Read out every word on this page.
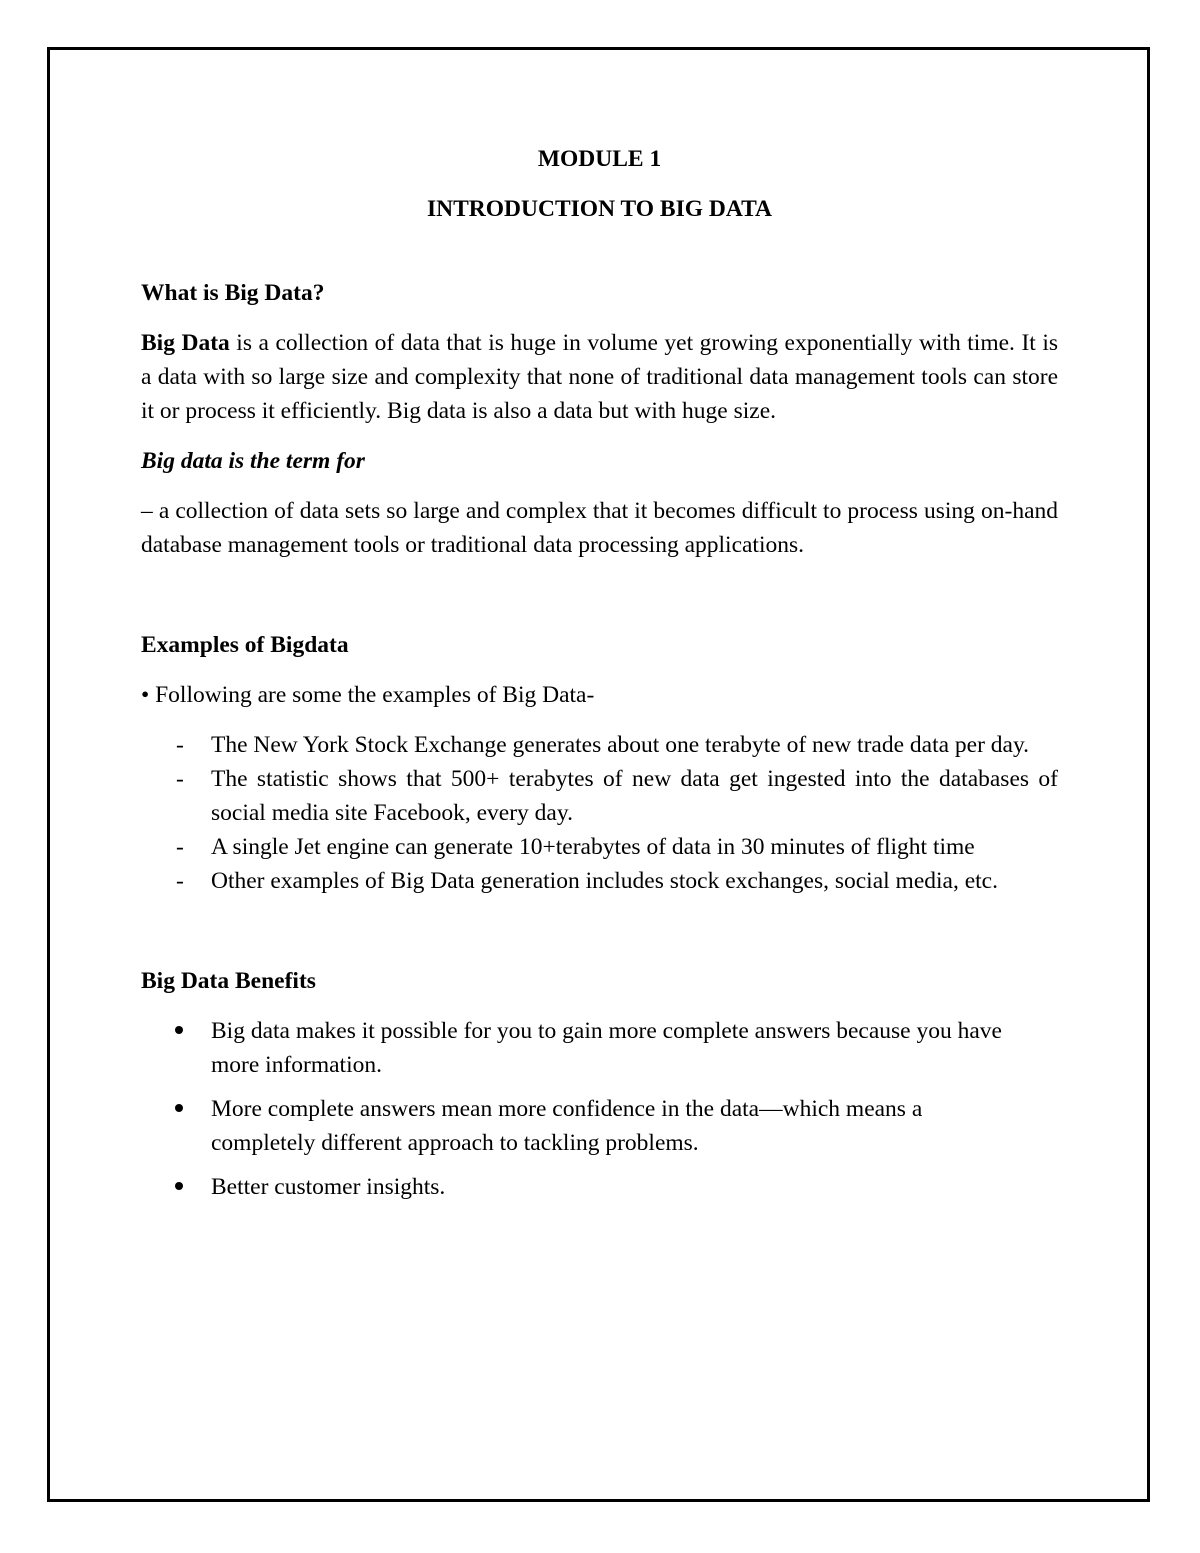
MODULE 1

INTRODUCTION TO BIG DATA

What is Big Data?

Big Data is a collection of data that is huge in volume yet growing exponentially with time. It is a data with so large size and complexity that none of traditional data management tools can store it or process it efficiently. Big data is also a data but with huge size.

Big data is the term for

– a collection of data sets so large and complex that it becomes difficult to process using on-hand database management tools or traditional data processing applications.

Examples of Bigdata

• Following are some the examples of Big Data-

- The New York Stock Exchange generates about one terabyte of new trade data per day.
- The statistic shows that 500+ terabytes of new data get ingested into the databases of social media site Facebook, every day.
- A single Jet engine can generate 10+terabytes of data in 30 minutes of flight time
- Other examples of Big Data generation includes stock exchanges, social media, etc.

Big Data Benefits

Big data makes it possible for you to gain more complete answers because you have more information.
More complete answers mean more confidence in the data—which means a completely different approach to tackling problems.
Better customer insights.
